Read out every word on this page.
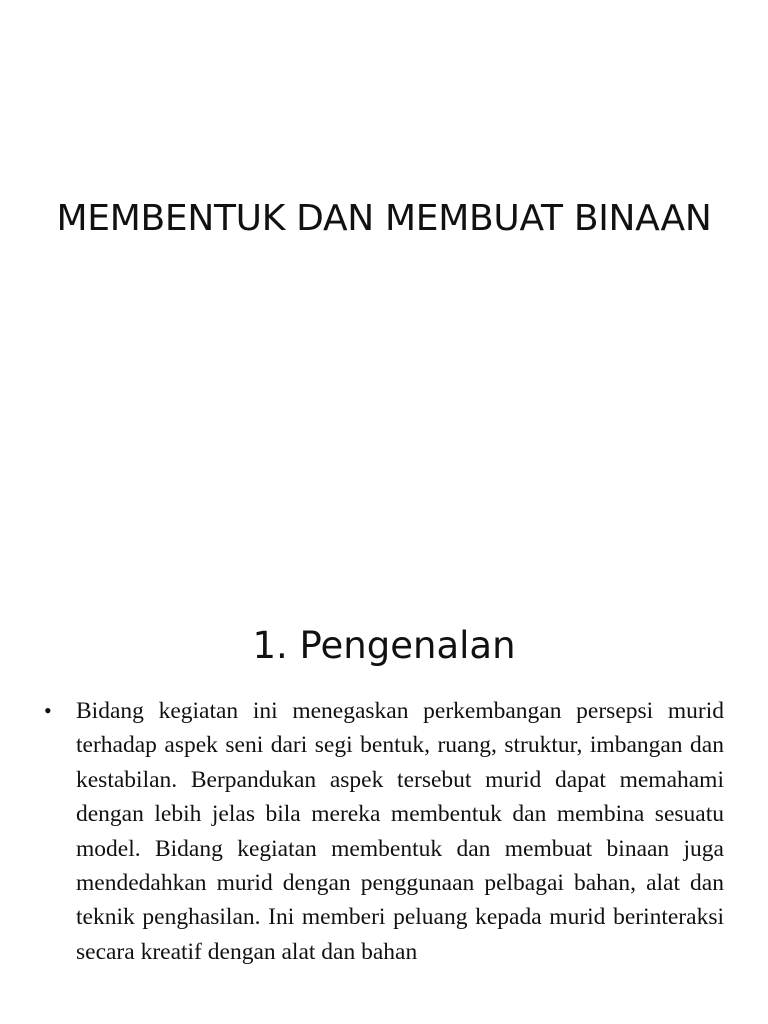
MEMBENTUK DAN MEMBUAT BINAAN
1. Pengenalan
•	Bidang kegiatan ini menegaskan perkembangan persepsi murid terhadap aspek seni dari segi bentuk, ruang, struktur, imbangan dan kestabilan. Berpandukan aspek tersebut murid dapat memahami dengan lebih jelas bila mereka membentuk dan membina sesuatu model. Bidang kegiatan membentuk dan membuat binaan juga mendedahkan murid dengan penggunaan pelbagai bahan, alat dan teknik penghasilan. Ini memberi peluang kepada murid berinteraksi secara kreatif dengan alat dan bahan
